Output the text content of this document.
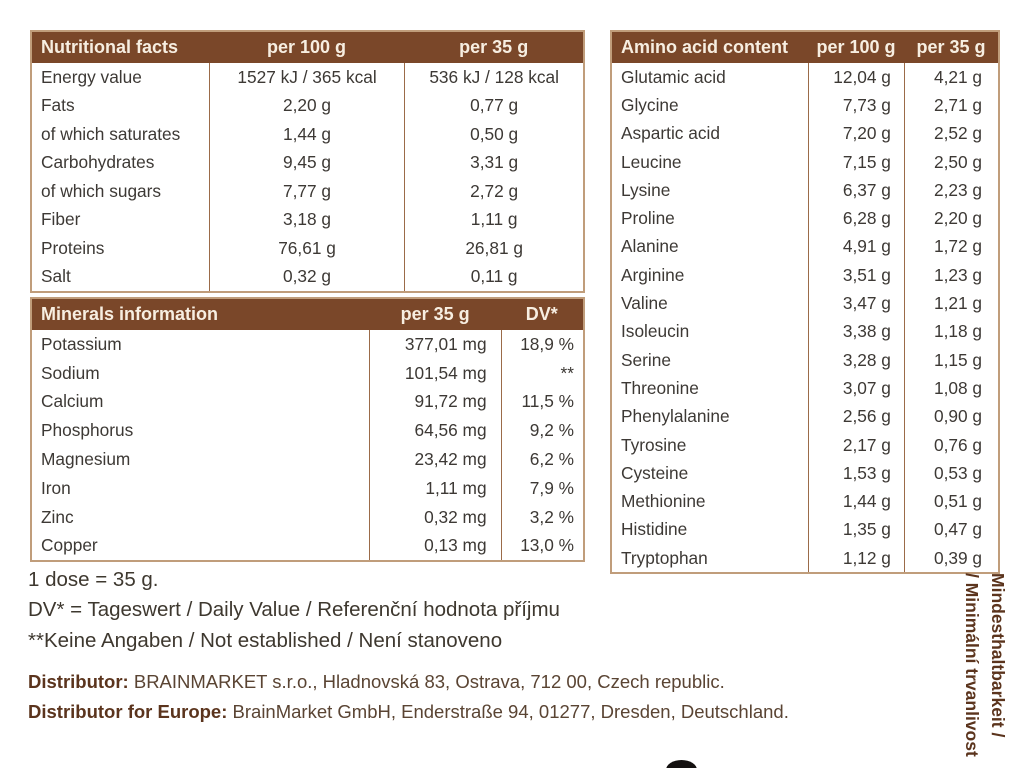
Nutritional facts	per 100 g	per 35 g
Energy value	1527 kJ / 365 kcal	536 kJ / 128 kcal
Fats	2,20 g	0,77 g
of which saturates	1,44 g	0,50 g
Carbohydrates	9,45 g	3,31 g
of which sugars	7,77 g	2,72 g
Fiber	3,18 g	1,11 g
Proteins	76,61 g	26,81 g
Salt	0,32 g	0,11 g
Minerals information	per 35 g	DV*
Potassium	377,01 mg	18,9 %
Sodium	101,54 mg	**
Calcium	91,72 mg	11,5 %
Phosphorus	64,56 mg	9,2 %
Magnesium	23,42 mg	6,2 %
Iron	1,11 mg	7,9 %
Zinc	0,32 mg	3,2 %
Copper	0,13 mg	13,0 %
Amino acid content	per 100 g	per 35 g
Glutamic acid	12,04 g	4,21 g
Glycine	7,73 g	2,71 g
Aspartic acid	7,20 g	2,52 g
Leucine	7,15 g	2,50 g
Lysine	6,37 g	2,23 g
Proline	6,28 g	2,20 g
Alanine	4,91 g	1,72 g
Arginine	3,51 g	1,23 g
Valine	3,47 g	1,21 g
Isoleucin	3,38 g	1,18 g
Serine	3,28 g	1,15 g
Threonine	3,07 g	1,08 g
Phenylalanine	2,56 g	0,90 g
Tyrosine	2,17 g	0,76 g
Cysteine	1,53 g	0,53 g
Methionine	1,44 g	0,51 g
Histidine	1,35 g	0,47 g
Tryptophan	1,12 g	0,39 g
1 dose = 35 g.
DV* = Tageswert / Daily Value / Referenční hodnota příjmu
**Keine Angaben / Not established / Není stanoveno
Distributor: BRAINMARKET s.r.o., Hladnovská 83, Ostrava, 712 00, Czech republic.
Distributor for Europe: BrainMarket GmbH, Enderstraße 94, 01277, Dresden, Deutschland.	Mindesthaltbarkeit /
/ Minimální trvanlivost
